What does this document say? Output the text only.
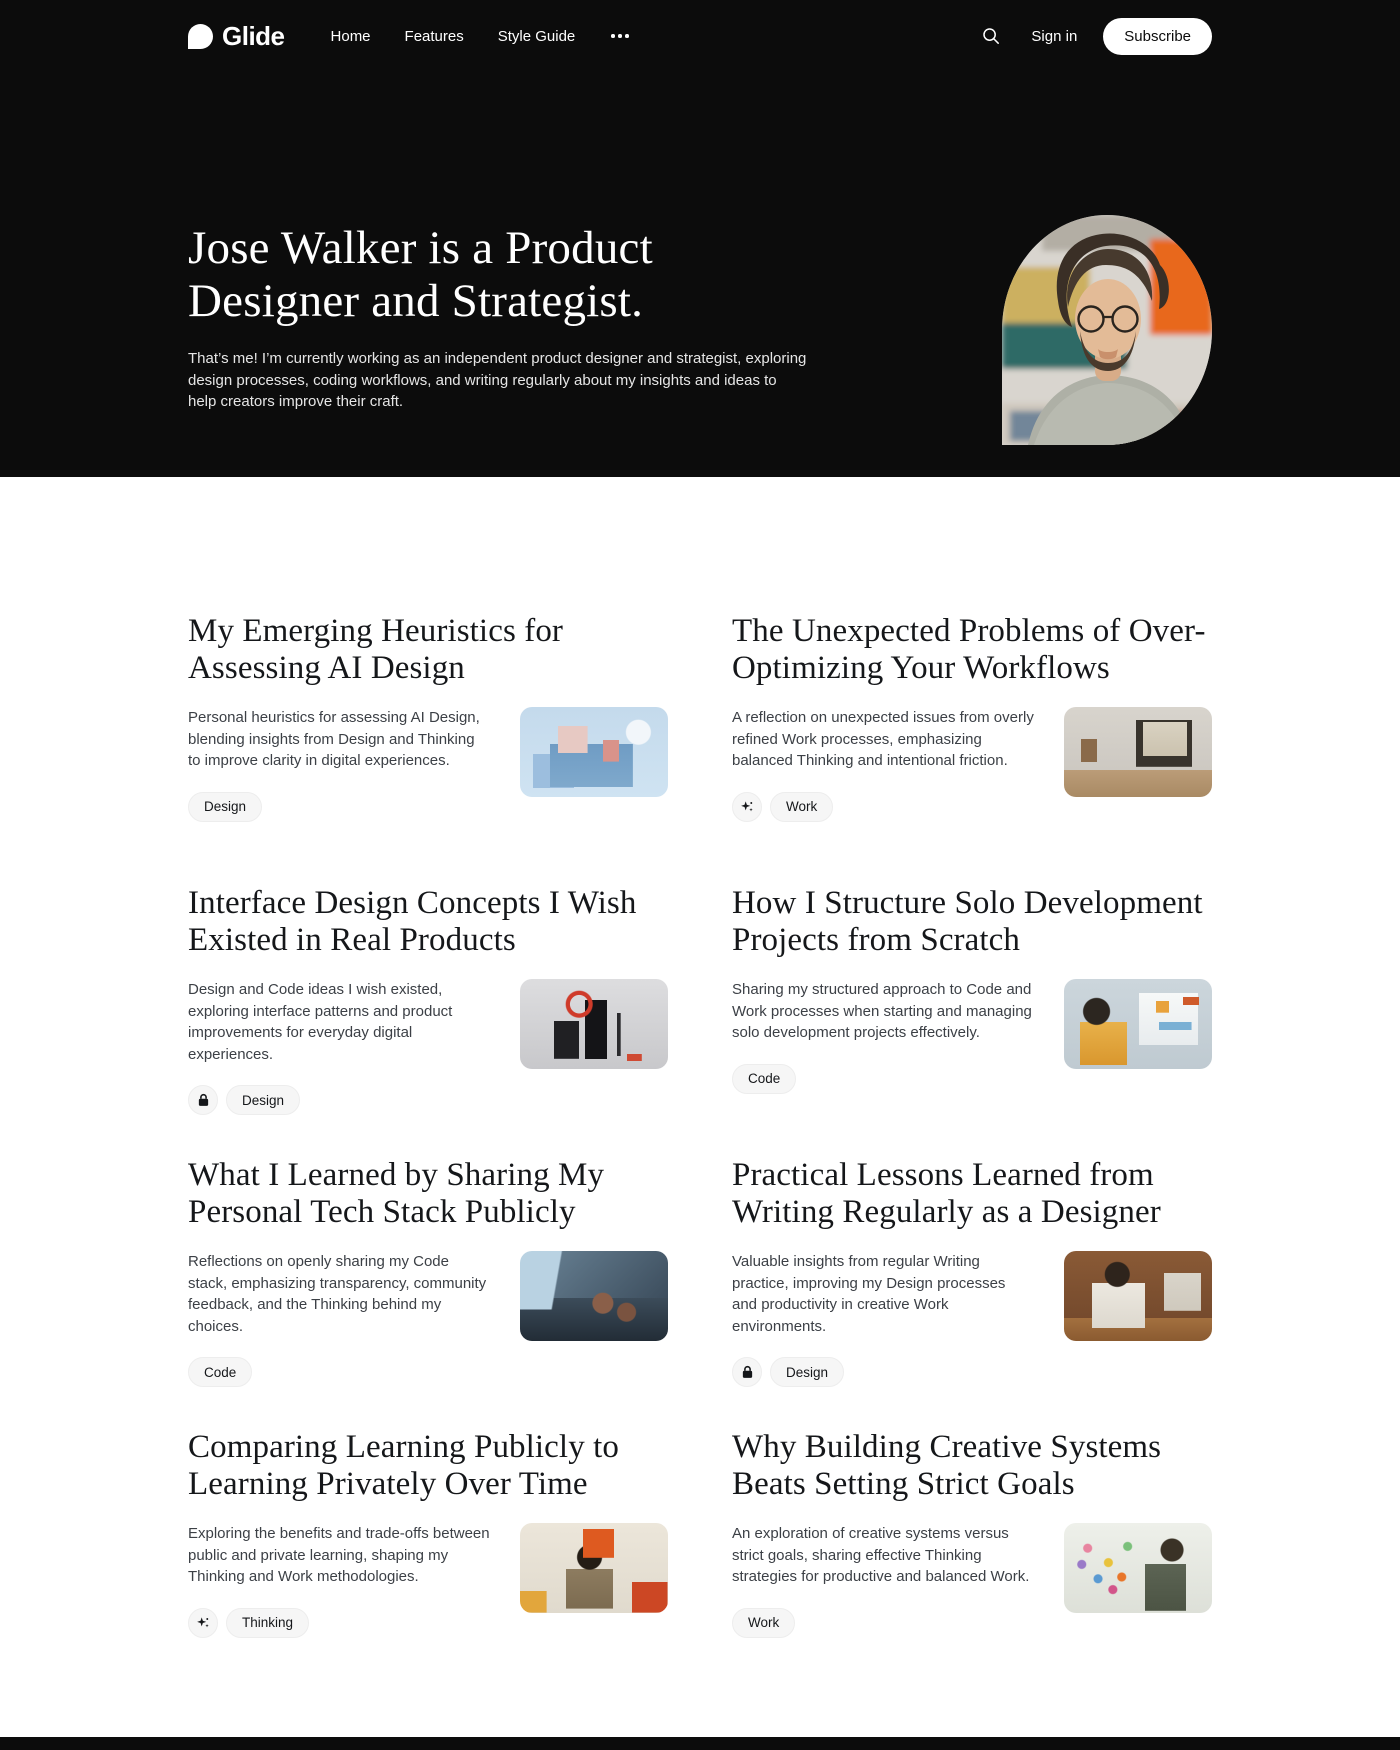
Glide	Home Features Style Guide	Sign in	Subscribe
Jose Walker is a Product Designer and Strategist.

That’s me! I’m currently working as an independent product designer and strategist, exploring design processes, coding workflows, and writing regularly about my insights and ideas to help creators improve their craft.

My Emerging Heuristics for Assessing AI Design

Personal heuristics for assessing AI Design, blending insights from Design and Thinking to improve clarity in digital experiences.

Design
The Unexpected Problems of Over-Optimizing Your Workflows

A reflection on unexpected issues from overly refined Work processes, emphasizing balanced Thinking and intentional friction.

Work
Interface Design Concepts I Wish Existed in Real Products

Design and Code ideas I wish existed, exploring interface patterns and product improvements for everyday digital experiences.

Design
How I Structure Solo Development Projects from Scratch

Sharing my structured approach to Code and Work processes when starting and managing solo development projects effectively.

Code
What I Learned by Sharing My Personal Tech Stack Publicly

Reflections on openly sharing my Code stack, emphasizing transparency, community feedback, and the Thinking behind my choices.

Code
Practical Lessons Learned from Writing Regularly as a Designer

Valuable insights from regular Writing practice, improving my Design processes and productivity in creative Work environments.

Design
Comparing Learning Publicly to Learning Privately Over Time

Exploring the benefits and trade-offs between public and private learning, shaping my Thinking and Work methodologies.

Thinking
Why Building Creative Systems Beats Setting Strict Goals

An exploration of creative systems versus strict goals, sharing effective Thinking strategies for productive and balanced Work.

Work
